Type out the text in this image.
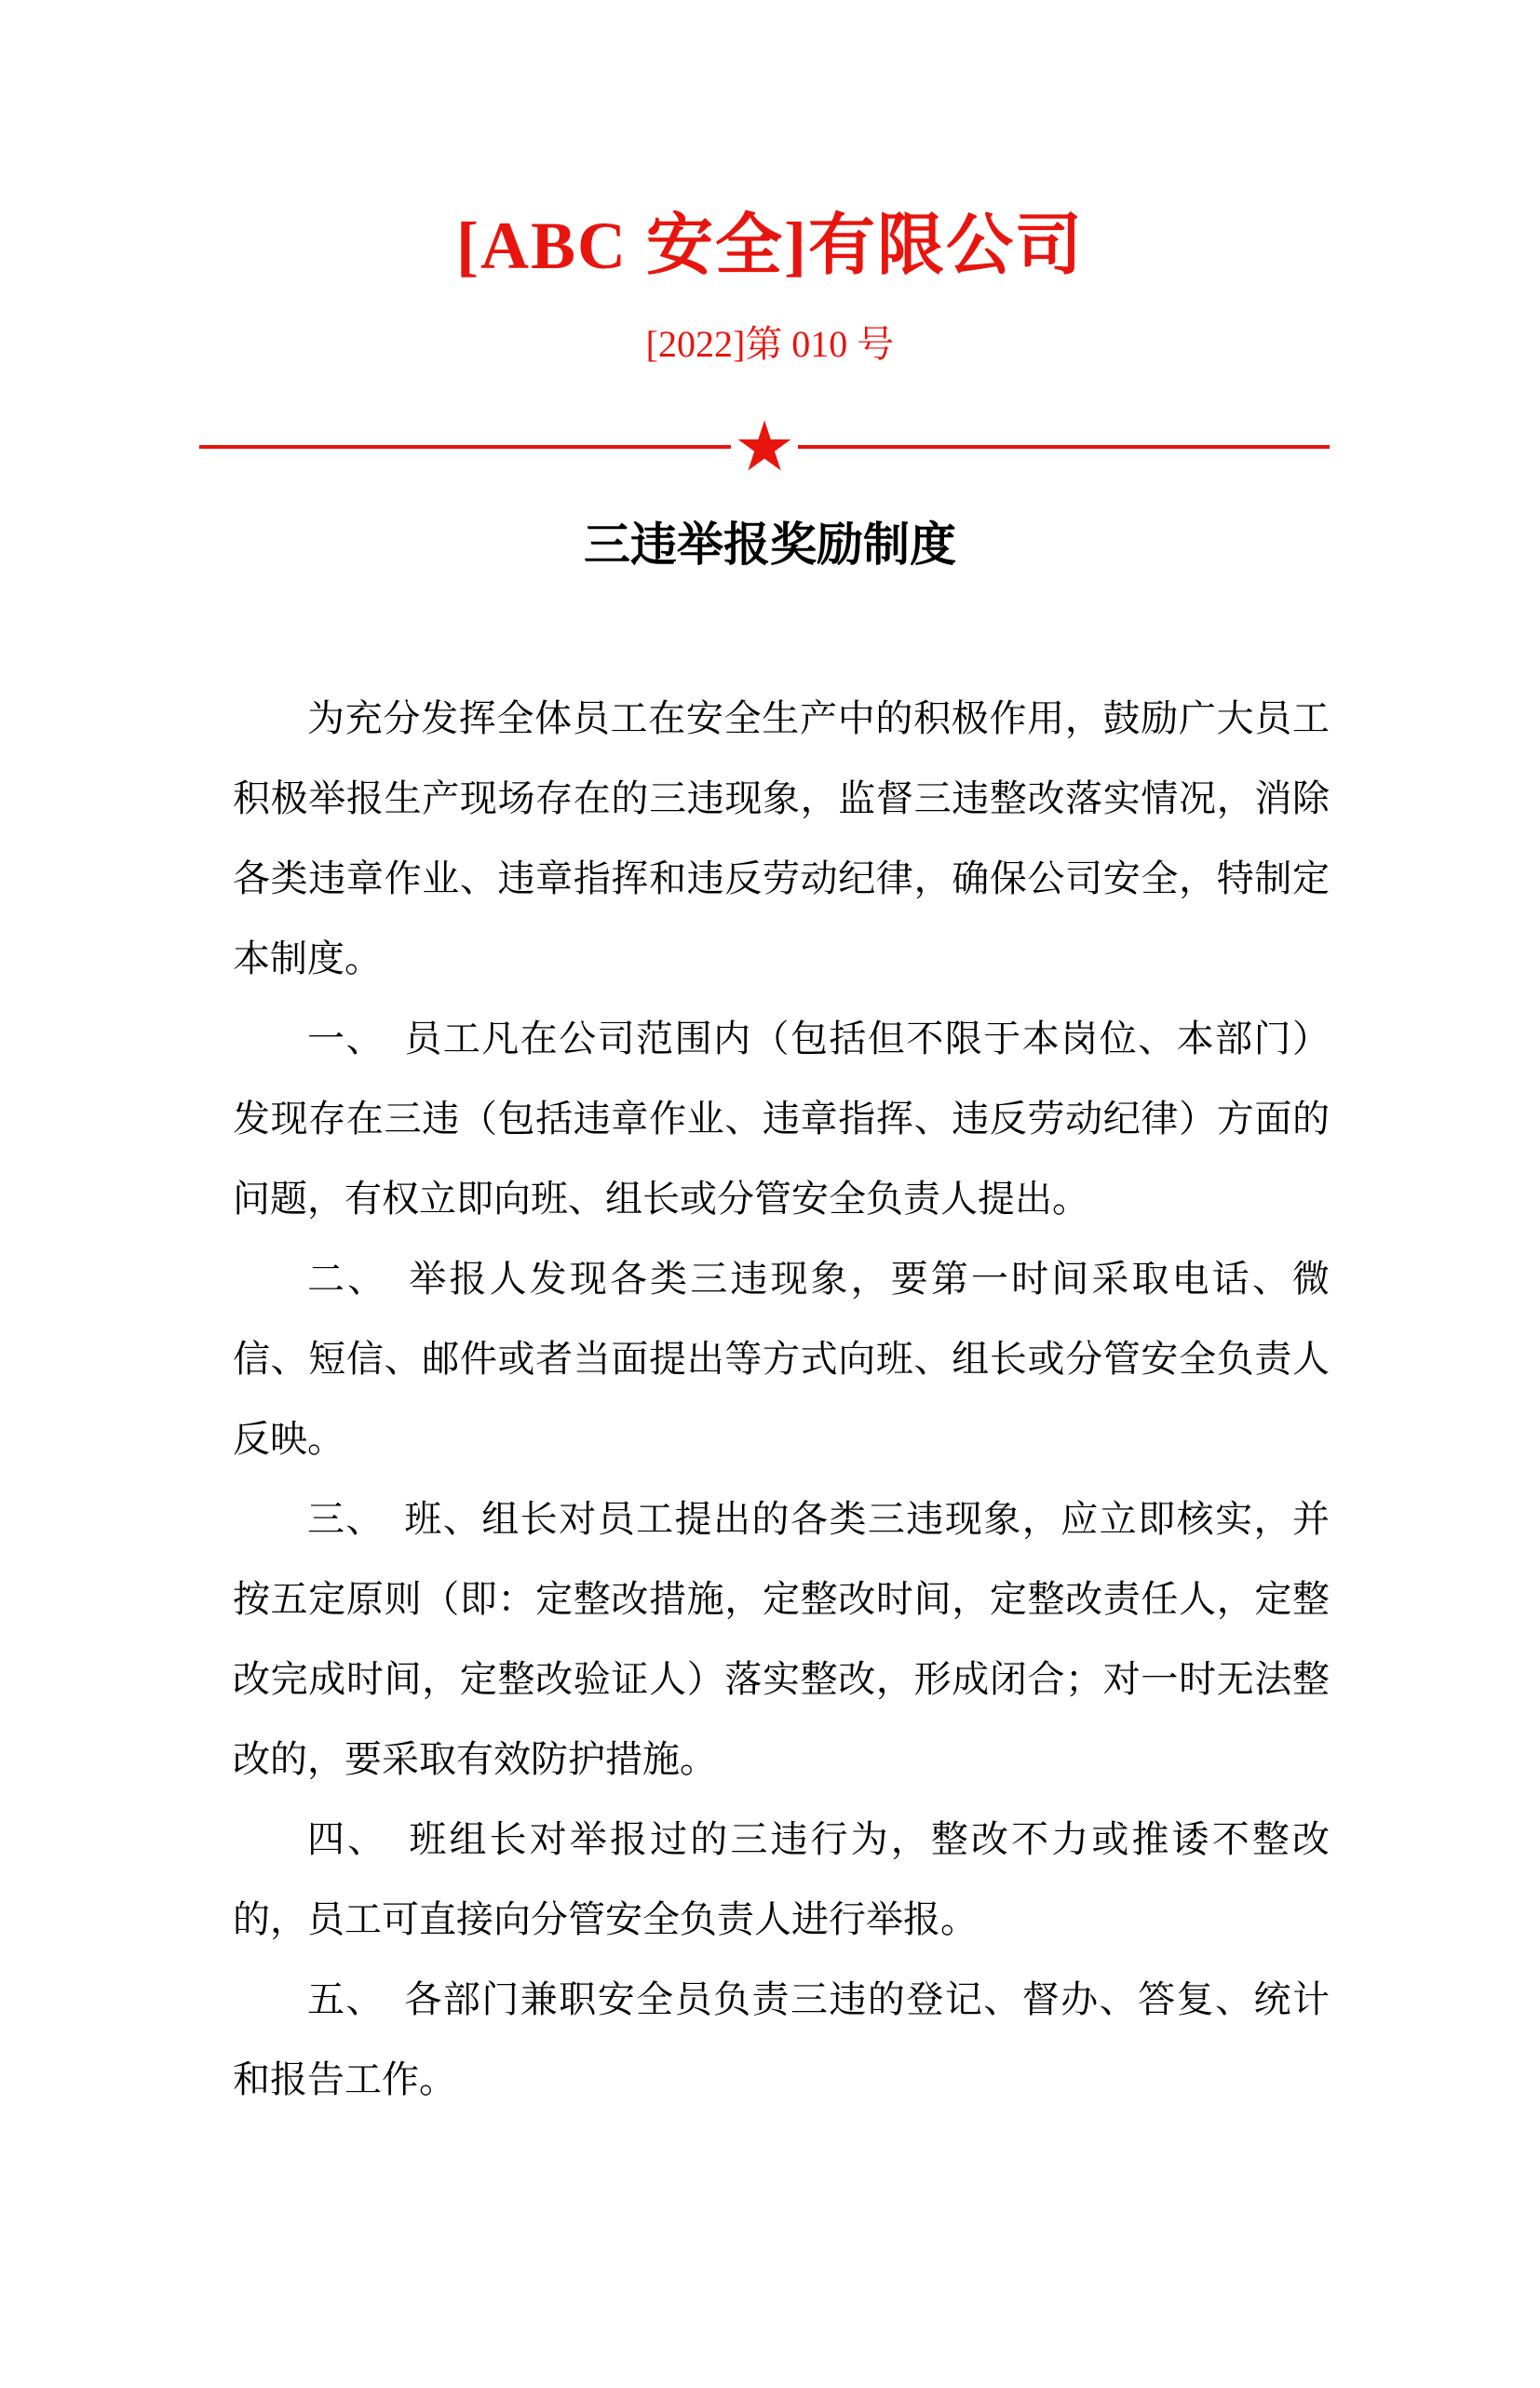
[ABC 安全]有限公司
[2022]第 010 号
★
三违举报奖励制度

为充分发挥全体员工在安全生产中的积极作用，鼓励广大员工积极举报生产现场存在的三违现象，监督三违整改落实情况，消除各类违章作业、违章指挥和违反劳动纪律，确保公司安全，特制定本制度。

一、　员工凡在公司范围内（包括但不限于本岗位、本部门）发现存在三违（包括违章作业、违章指挥、违反劳动纪律）方面的问题，有权立即向班、组长或分管安全负责人提出。

二、　举报人发现各类三违现象，要第一时间采取电话、微信、短信、邮件或者当面提出等方式向班、组长或分管安全负责人反映。

三、　班、组长对员工提出的各类三违现象，应立即核实，并按五定原则（即：定整改措施，定整改时间，定整改责任人，定整改完成时间，定整改验证人）落实整改，形成闭合；对一时无法整改的，要采取有效防护措施。

四、　班组长对举报过的三违行为，整改不力或推诿不整改的，员工可直接向分管安全负责人进行举报。

五、　各部门兼职安全员负责三违的登记、督办、答复、统计和报告工作。
